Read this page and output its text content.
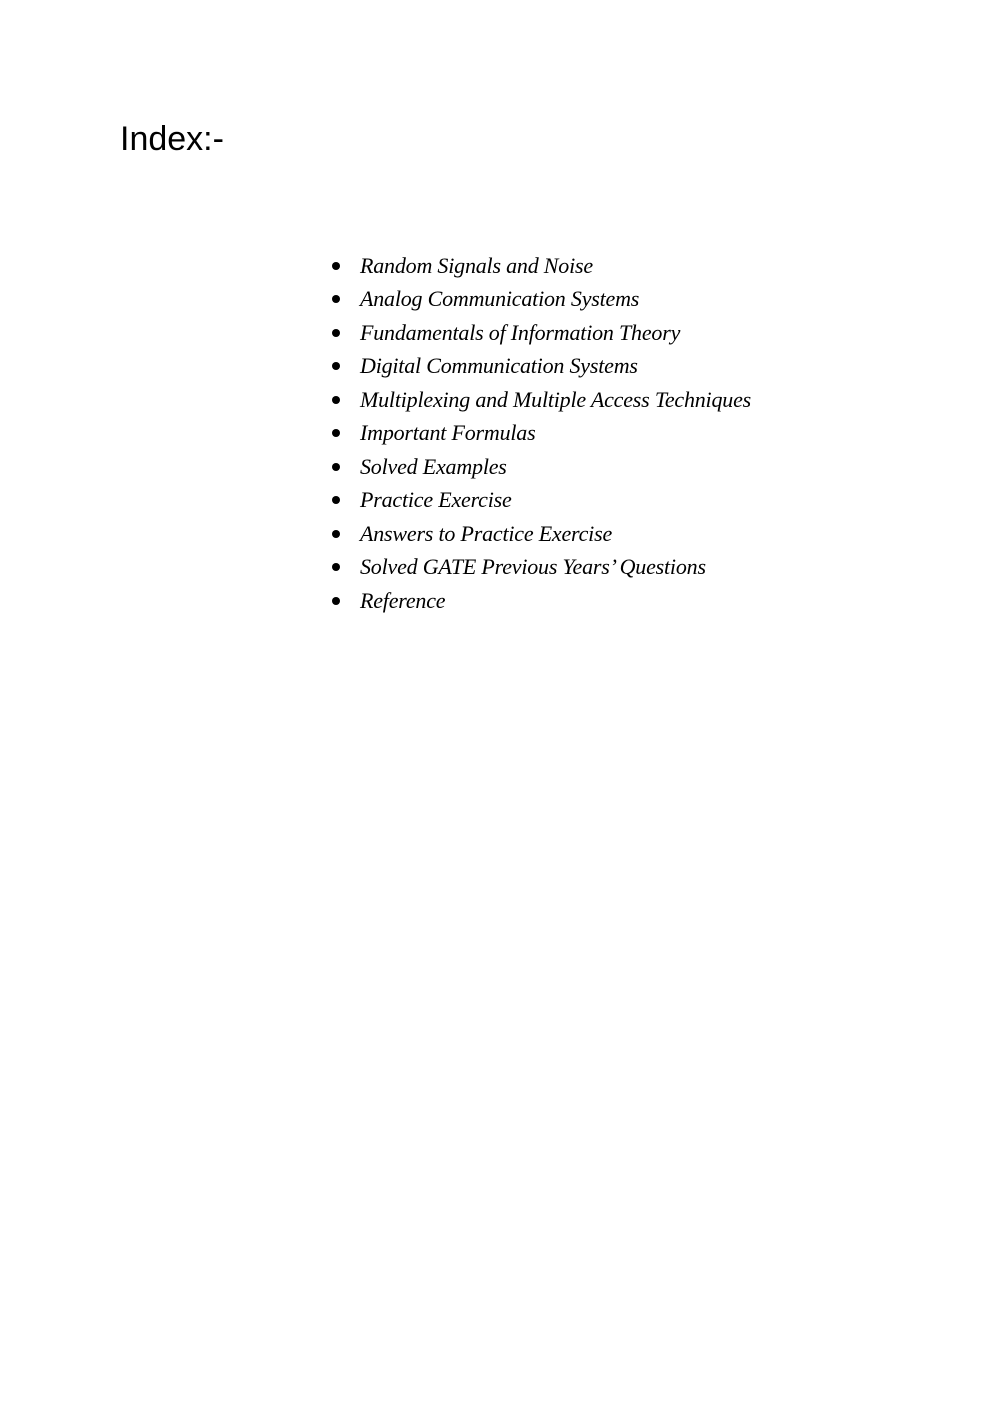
Index:-
Random Signals and Noise
Analog Communication Systems
Fundamentals of Information Theory
Digital Communication Systems
Multiplexing and Multiple Access Techniques
Important Formulas
Solved Examples
Practice Exercise
Answers to Practice Exercise
Solved GATE Previous Years’ Questions
Reference
